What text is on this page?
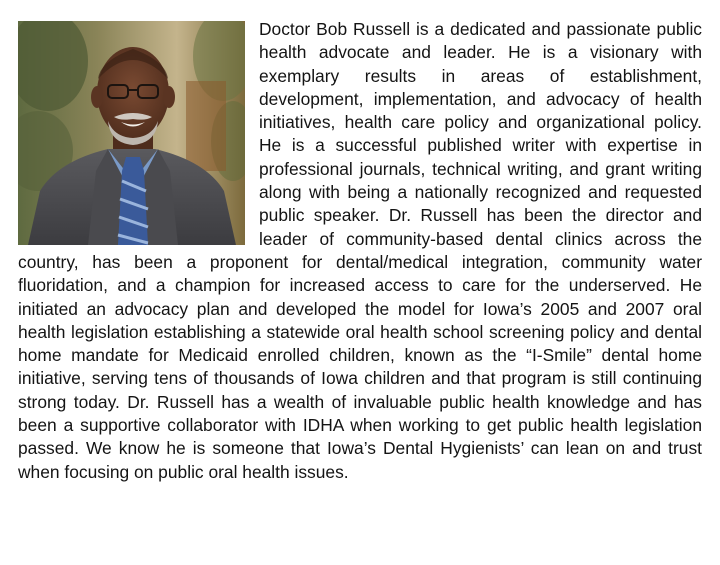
Doctor Bob Russell is a dedicated and passionate public health advocate and leader. He is a visionary with exemplary results in areas of establishment, development, implementation, and advocacy of health initiatives, health care policy and organizational policy. He is a successful published writer with expertise in professional journals, technical writing, and grant writing along with being a nationally recognized and requested public speaker. Dr. Russell has been the director and leader of community-based dental clinics across the country, has been a proponent for dental/medical integration, community water fluoridation, and a champion for increased access to care for the underserved. He initiated an advocacy plan and developed the model for Iowa’s 2005 and 2007 oral health legislation establishing a statewide oral health school screening policy and dental home mandate for Medicaid enrolled children, known as the “I-Smile” dental home initiative, serving tens of thousands of Iowa children and that program is still continuing strong today. Dr. Russell has a wealth of invaluable public health knowledge and has been a supportive collaborator with IDHA when working to get public health legislation passed. We know he is someone that Iowa’s Dental Hygienists’ can lean on and trust when focusing on public oral health issues.
